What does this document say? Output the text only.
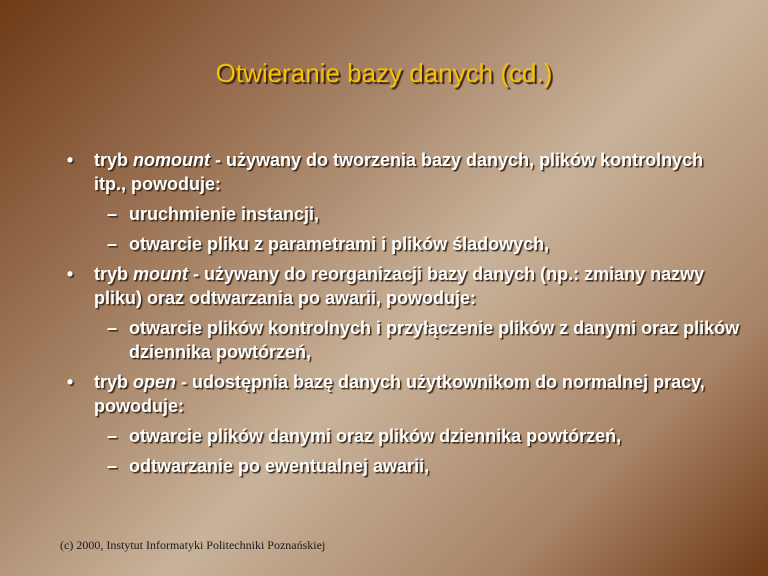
Otwieranie bazy danych (cd.)
•	tryb nomount - używany do tworzenia bazy danych, plików kontrolnych itp., powoduje:
– uruchmienie instancji,
– otwarcie pliku z parametrami i plików śladowych,
•	tryb mount - używany do reorganizacji bazy danych (np.: zmiany nazwy pliku) oraz odtwarzania po awarii, powoduje:
– otwarcie plików kontrolnych i przyłączenie plików z danymi oraz plików dziennika powtórzeń,
•	tryb open - udostępnia bazę danych użytkownikom do normalnej pracy, powoduje:
– otwarcie plików danymi oraz plików dziennika powtórzeń,
– odtwarzanie po ewentualnej awarii,
(c) 2000, Instytut Informatyki Politechniki Poznańskiej
